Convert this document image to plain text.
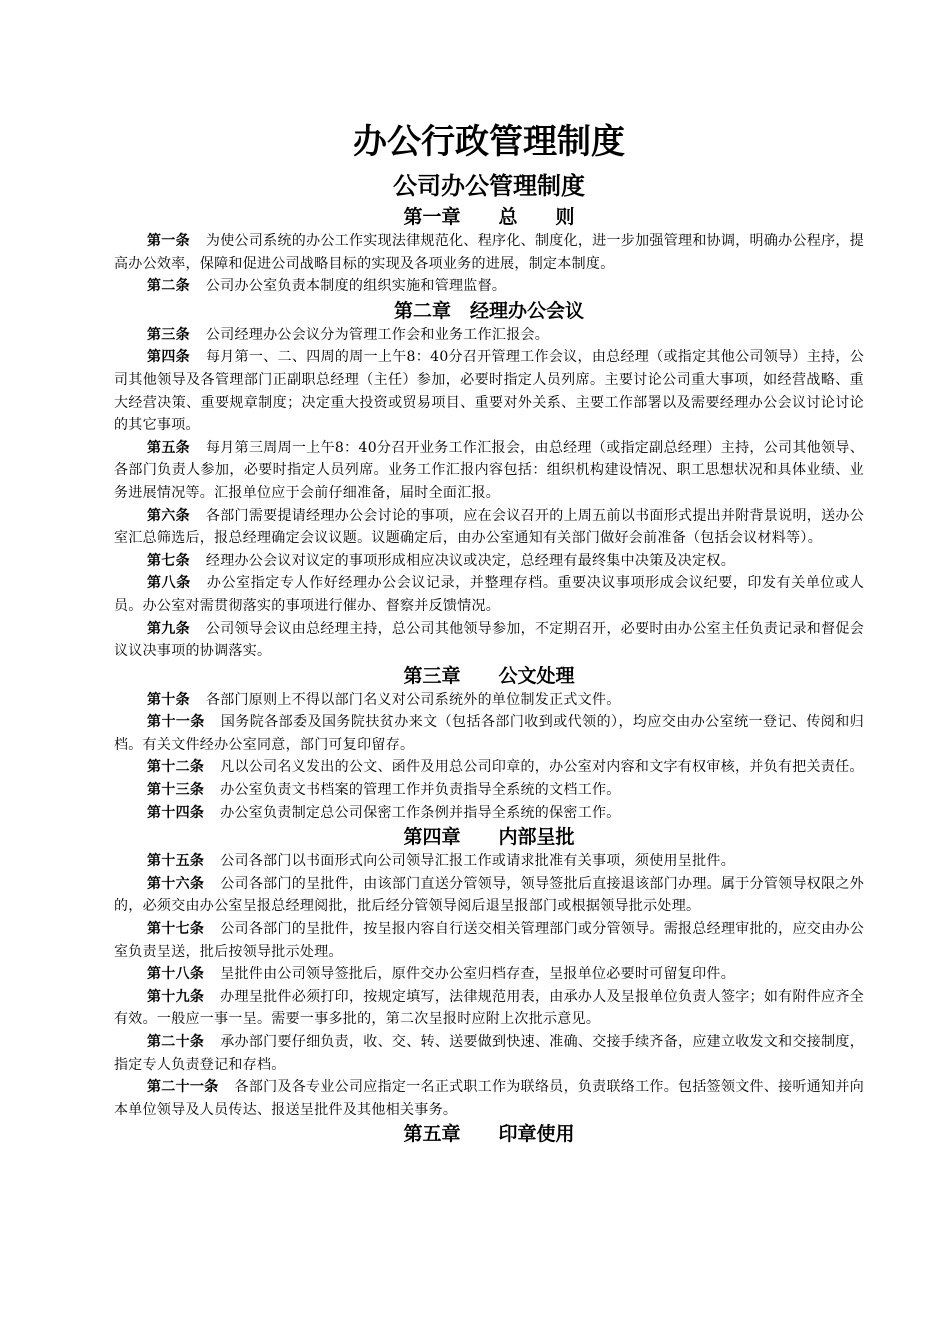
办公行政管理制度
公司办公管理制度
第一章　　总　　则

第一条 为使公司系统的办公工作实现法律规范化、程序化、制度化，进一步加强管理和协调，明确办公程序，提高办公效率，保障和促进公司战略目标的实现及各项业务的进展，制定本制度。

第二条 公司办公室负责本制度的组织实施和管理监督。

第二章　经理办公会议

第三条 公司经理办公会议分为管理工作会和业务工作汇报会。

第四条 每月第一、二、四周的周一上午8：40分召开管理工作会议，由总经理（或指定其他公司领导）主持，公司其他领导及各管理部门正副职总经理（主任）参加，必要时指定人员列席。主要讨论公司重大事项，如经营战略、重大经营决策、重要规章制度；决定重大投资或贸易项目、重要对外关系、主要工作部署以及需要经理办公会议讨论讨论的其它事项。

第五条 每月第三周周一上午8：40分召开业务工作汇报会，由总经理（或指定副总经理）主持，公司其他领导、各部门负责人参加，必要时指定人员列席。业务工作汇报内容包括：组织机构建设情况、职工思想状况和具体业绩、业务进展情况等。汇报单位应于会前仔细准备，届时全面汇报。

第六条 各部门需要提请经理办公会讨论的事项，应在会议召开的上周五前以书面形式提出并附背景说明，送办公室汇总筛选后，报总经理确定会议议题。议题确定后，由办公室通知有关部门做好会前准备（包括会议材料等）。

第七条 经理办公会议对议定的事项形成相应决议或决定，总经理有最终集中决策及决定权。

第八条 办公室指定专人作好经理办公会议记录，并整理存档。重要决议事项形成会议纪要，印发有关单位或人员。办公室对需贯彻落实的事项进行催办、督察并反馈情况。

第九条 公司领导会议由总经理主持，总公司其他领导参加，不定期召开，必要时由办公室主任负责记录和督促会议议决事项的协调落实。

第三章　　公文处理

第十条 各部门原则上不得以部门名义对公司系统外的单位制发正式文件。

第十一条 国务院各部委及国务院扶贫办来文（包括各部门收到或代领的），均应交由办公室统一登记、传阅和归档。有关文件经办公室同意，部门可复印留存。

第十二条 凡以公司名义发出的公文、函件及用总公司印章的，办公室对内容和文字有权审核，并负有把关责任。

第十三条 办公室负责文书档案的管理工作并负责指导全系统的文档工作。

第十四条 办公室负责制定总公司保密工作条例并指导全系统的保密工作。

第四章　　内部呈批

第十五条 公司各部门以书面形式向公司领导汇报工作或请求批准有关事项，须使用呈批件。

第十六条 公司各部门的呈批件，由该部门直送分管领导，领导签批后直接退该部门办理。属于分管领导权限之外的，必须交由办公室呈报总经理阅批，批后经分管领导阅后退呈报部门或根据领导批示处理。

第十七条 公司各部门的呈批件，按呈报内容自行送交相关管理部门或分管领导。需报总经理审批的，应交由办公室负责呈送，批后按领导批示处理。

第十八条 呈批件由公司领导签批后，原件交办公室归档存查，呈报单位必要时可留复印件。

第十九条 办理呈批件必须打印，按规定填写，法律规范用表，由承办人及呈报单位负责人签字；如有附件应齐全有效。一般应一事一呈。需要一事多批的，第二次呈报时应附上次批示意见。

第二十条 承办部门要仔细负责，收、交、转、送要做到快速、准确、交接手续齐备，应建立收发文和交接制度，指定专人负责登记和存档。

第二十一条 各部门及各专业公司应指定一名正式职工作为联络员，负责联络工作。包括签领文件、接听通知并向本单位领导及人员传达、报送呈批件及其他相关事务。

第五章　　印章使用
